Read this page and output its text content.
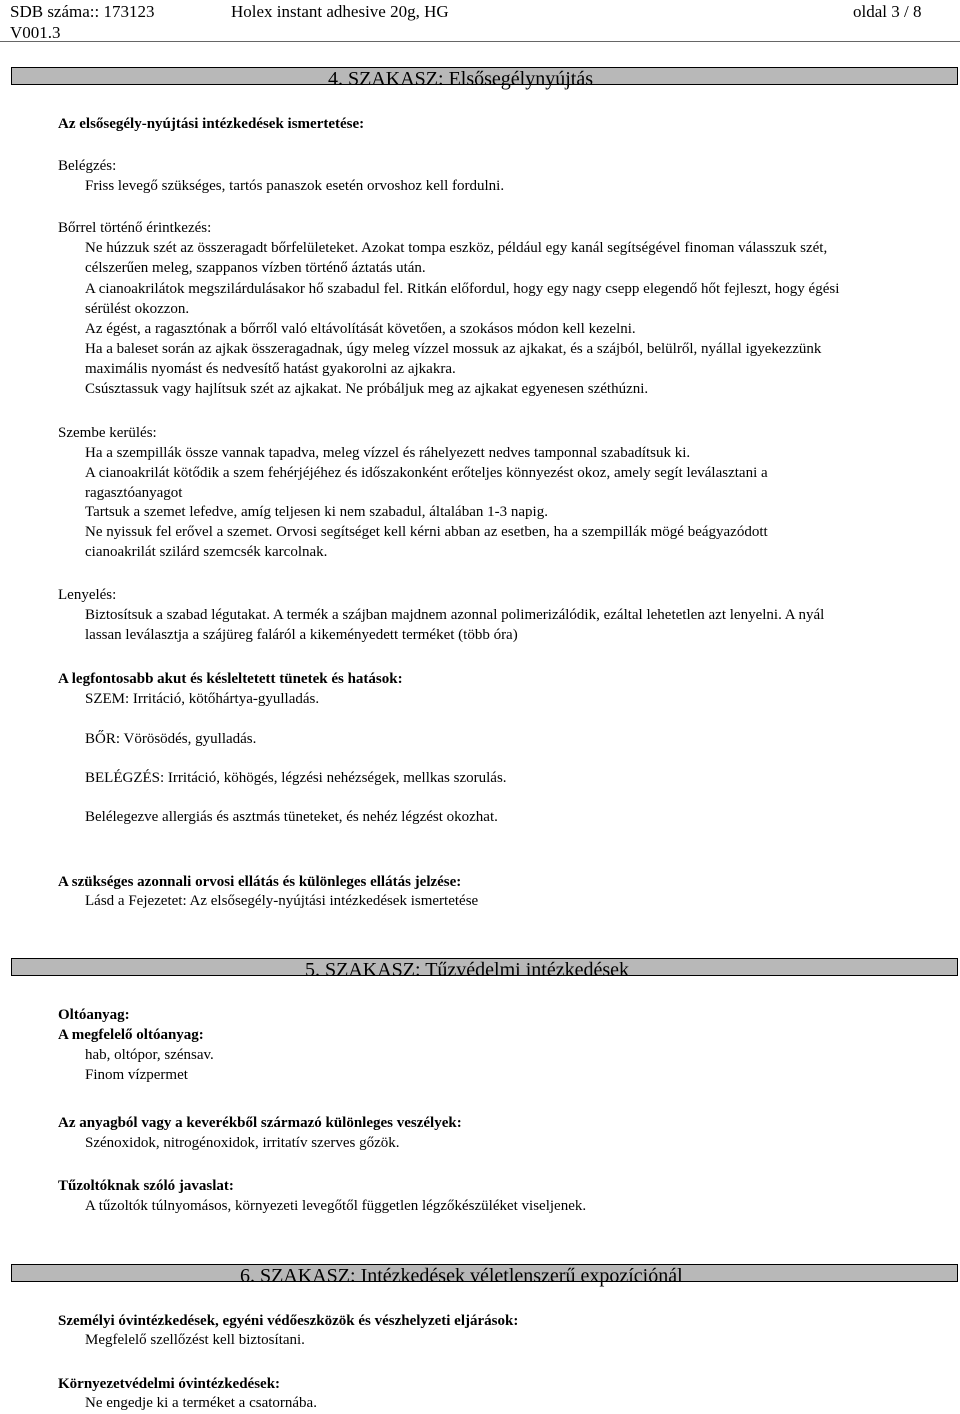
SDB száma:: 173123	Holex instant adhesive 20g, HG	oldal 3 / 8
V001.3
4. SZAKASZ: Elsősegélynyújtás
Az elsősegély-nyújtási intézkedések ismertetése:
Belégzés:
Friss levegő szükséges, tartós panaszok esetén orvoshoz kell fordulni.
Bőrrel történő érintkezés:
Ne húzzuk szét az összeragadt bőrfelületeket. Azokat tompa eszköz, például egy kanál segítségével finoman válasszuk szét,
célszerűen meleg, szappanos vízben történő áztatás után.
A cianoakrilátok megszilárdulásakor hő szabadul fel. Ritkán előfordul, hogy egy nagy csepp elegendő hőt fejleszt, hogy égési
sérülést okozzon.
Az égést, a ragasztónak a bőrről való eltávolítását követően, a szokásos módon kell kezelni.
Ha a baleset során az ajkak összeragadnak, úgy meleg vízzel mossuk az ajkakat, és a szájból, belülről, nyállal igyekezzünk
maximális nyomást és nedvesítő hatást gyakorolni az ajkakra.
Csúsztassuk vagy hajlítsuk szét az ajkakat. Ne próbáljuk meg az ajkakat egyenesen széthúzni.
Szembe kerülés:
Ha a szempillák össze vannak tapadva, meleg vízzel és ráhelyezett nedves tamponnal szabadítsuk ki.
A cianoakrilát kötődik a szem fehérjéjéhez és időszakonként erőteljes könnyezést okoz, amely segít leválasztani a
ragasztóanyagot
Tartsuk a szemet lefedve, amíg teljesen ki nem szabadul, általában 1-3 napig.
Ne nyissuk fel erővel a szemet. Orvosi segítséget kell kérni abban az esetben, ha a szempillák mögé beágyazódott
cianoakrilát szilárd szemcsék karcolnak.
Lenyelés:
Biztosítsuk a szabad légutakat. A termék a szájban majdnem azonnal polimerizálódik, ezáltal lehetetlen azt lenyelni. A nyál
lassan leválasztja a szájüreg faláról a kikeményedett terméket (több óra)
A legfontosabb akut és késleltetett tünetek és hatások:
SZEM: Irritáció, kötőhártya-gyulladás.
BŐR: Vörösödés, gyulladás.
BELÉGZÉS: Irritáció, köhögés, légzési nehézségek, mellkas szorulás.
Belélegezve allergiás és asztmás tüneteket, és nehéz légzést okozhat.
A szükséges azonnali orvosi ellátás és különleges ellátás jelzése:
Lásd a Fejezetet: Az elsősegély-nyújtási intézkedések ismertetése
5. SZAKASZ: Tűzvédelmi intézkedések
Oltóanyag:
A megfelelő oltóanyag:
hab, oltópor, szénsav.
Finom vízpermet
Az anyagból vagy a keverékből származó különleges veszélyek:
Szénoxidok, nitrogénoxidok, irritatív szerves gőzök.
Tűzoltóknak szóló javaslat:
A tűzoltók túlnyomásos, környezeti levegőtől független légzőkészüléket viseljenek.
6. SZAKASZ: Intézkedések véletlenszerű expozíciónál
Személyi óvintézkedések, egyéni védőeszközök és vészhelyzeti eljárások:
Megfelelő szellőzést kell biztosítani.
Környezetvédelmi óvintézkedések:
Ne engedje ki a terméket a csatornába.
